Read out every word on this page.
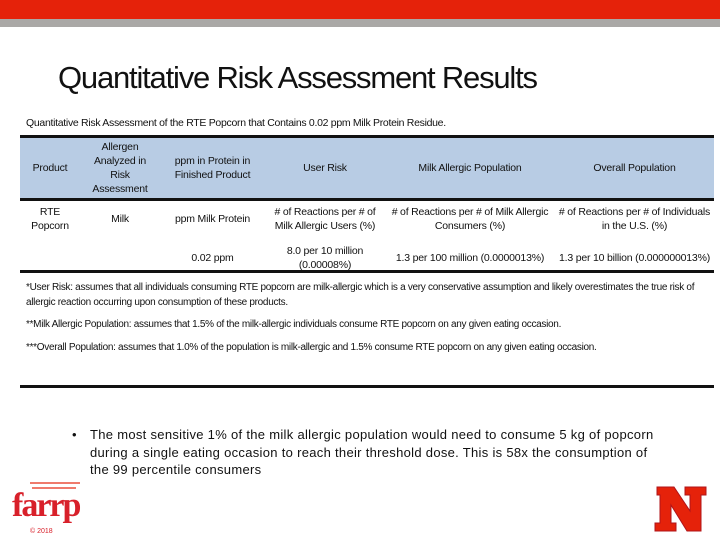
Quantitative Risk Assessment Results
Quantitative Risk Assessment of the RTE Popcorn that Contains 0.02 ppm Milk Protein Residue.
Product	Allergen Analyzed in Risk Assessment	ppm in Protein in Finished Product	User Risk	Milk Allergic Population	Overall Population
RTE Popcorn	Milk	ppm Milk Protein	# of Reactions per # of Milk Allergic Users (%)	# of Reactions per # of Milk Allergic Consumers (%)	# of Reactions per # of Individuals in the U.S. (%)
		0.02 ppm	8.0 per 10 million (0.00008%)	1.3 per 100 million (0.0000013%)	1.3 per 10 billion (0.000000013%)

*User Risk: assumes that all individuals consuming RTE popcorn are milk-allergic which is a very conservative assumption and likely overestimates the true risk of allergic reaction occurring upon consumption of these products.

**Milk Allergic Population: assumes that 1.5% of the milk-allergic individuals consume RTE popcorn on any given eating occasion.

***Overall Population: assumes that 1.0% of the population is milk-allergic and 1.5% consume RTE popcorn on any given eating occasion.

•	The most sensitive 1% of the milk allergic population would need to consume 5 kg of popcorn during a single eating occasion to reach their threshold dose. This is 58x the consumption of the 99 percentile consumers
farrp
© 2018
